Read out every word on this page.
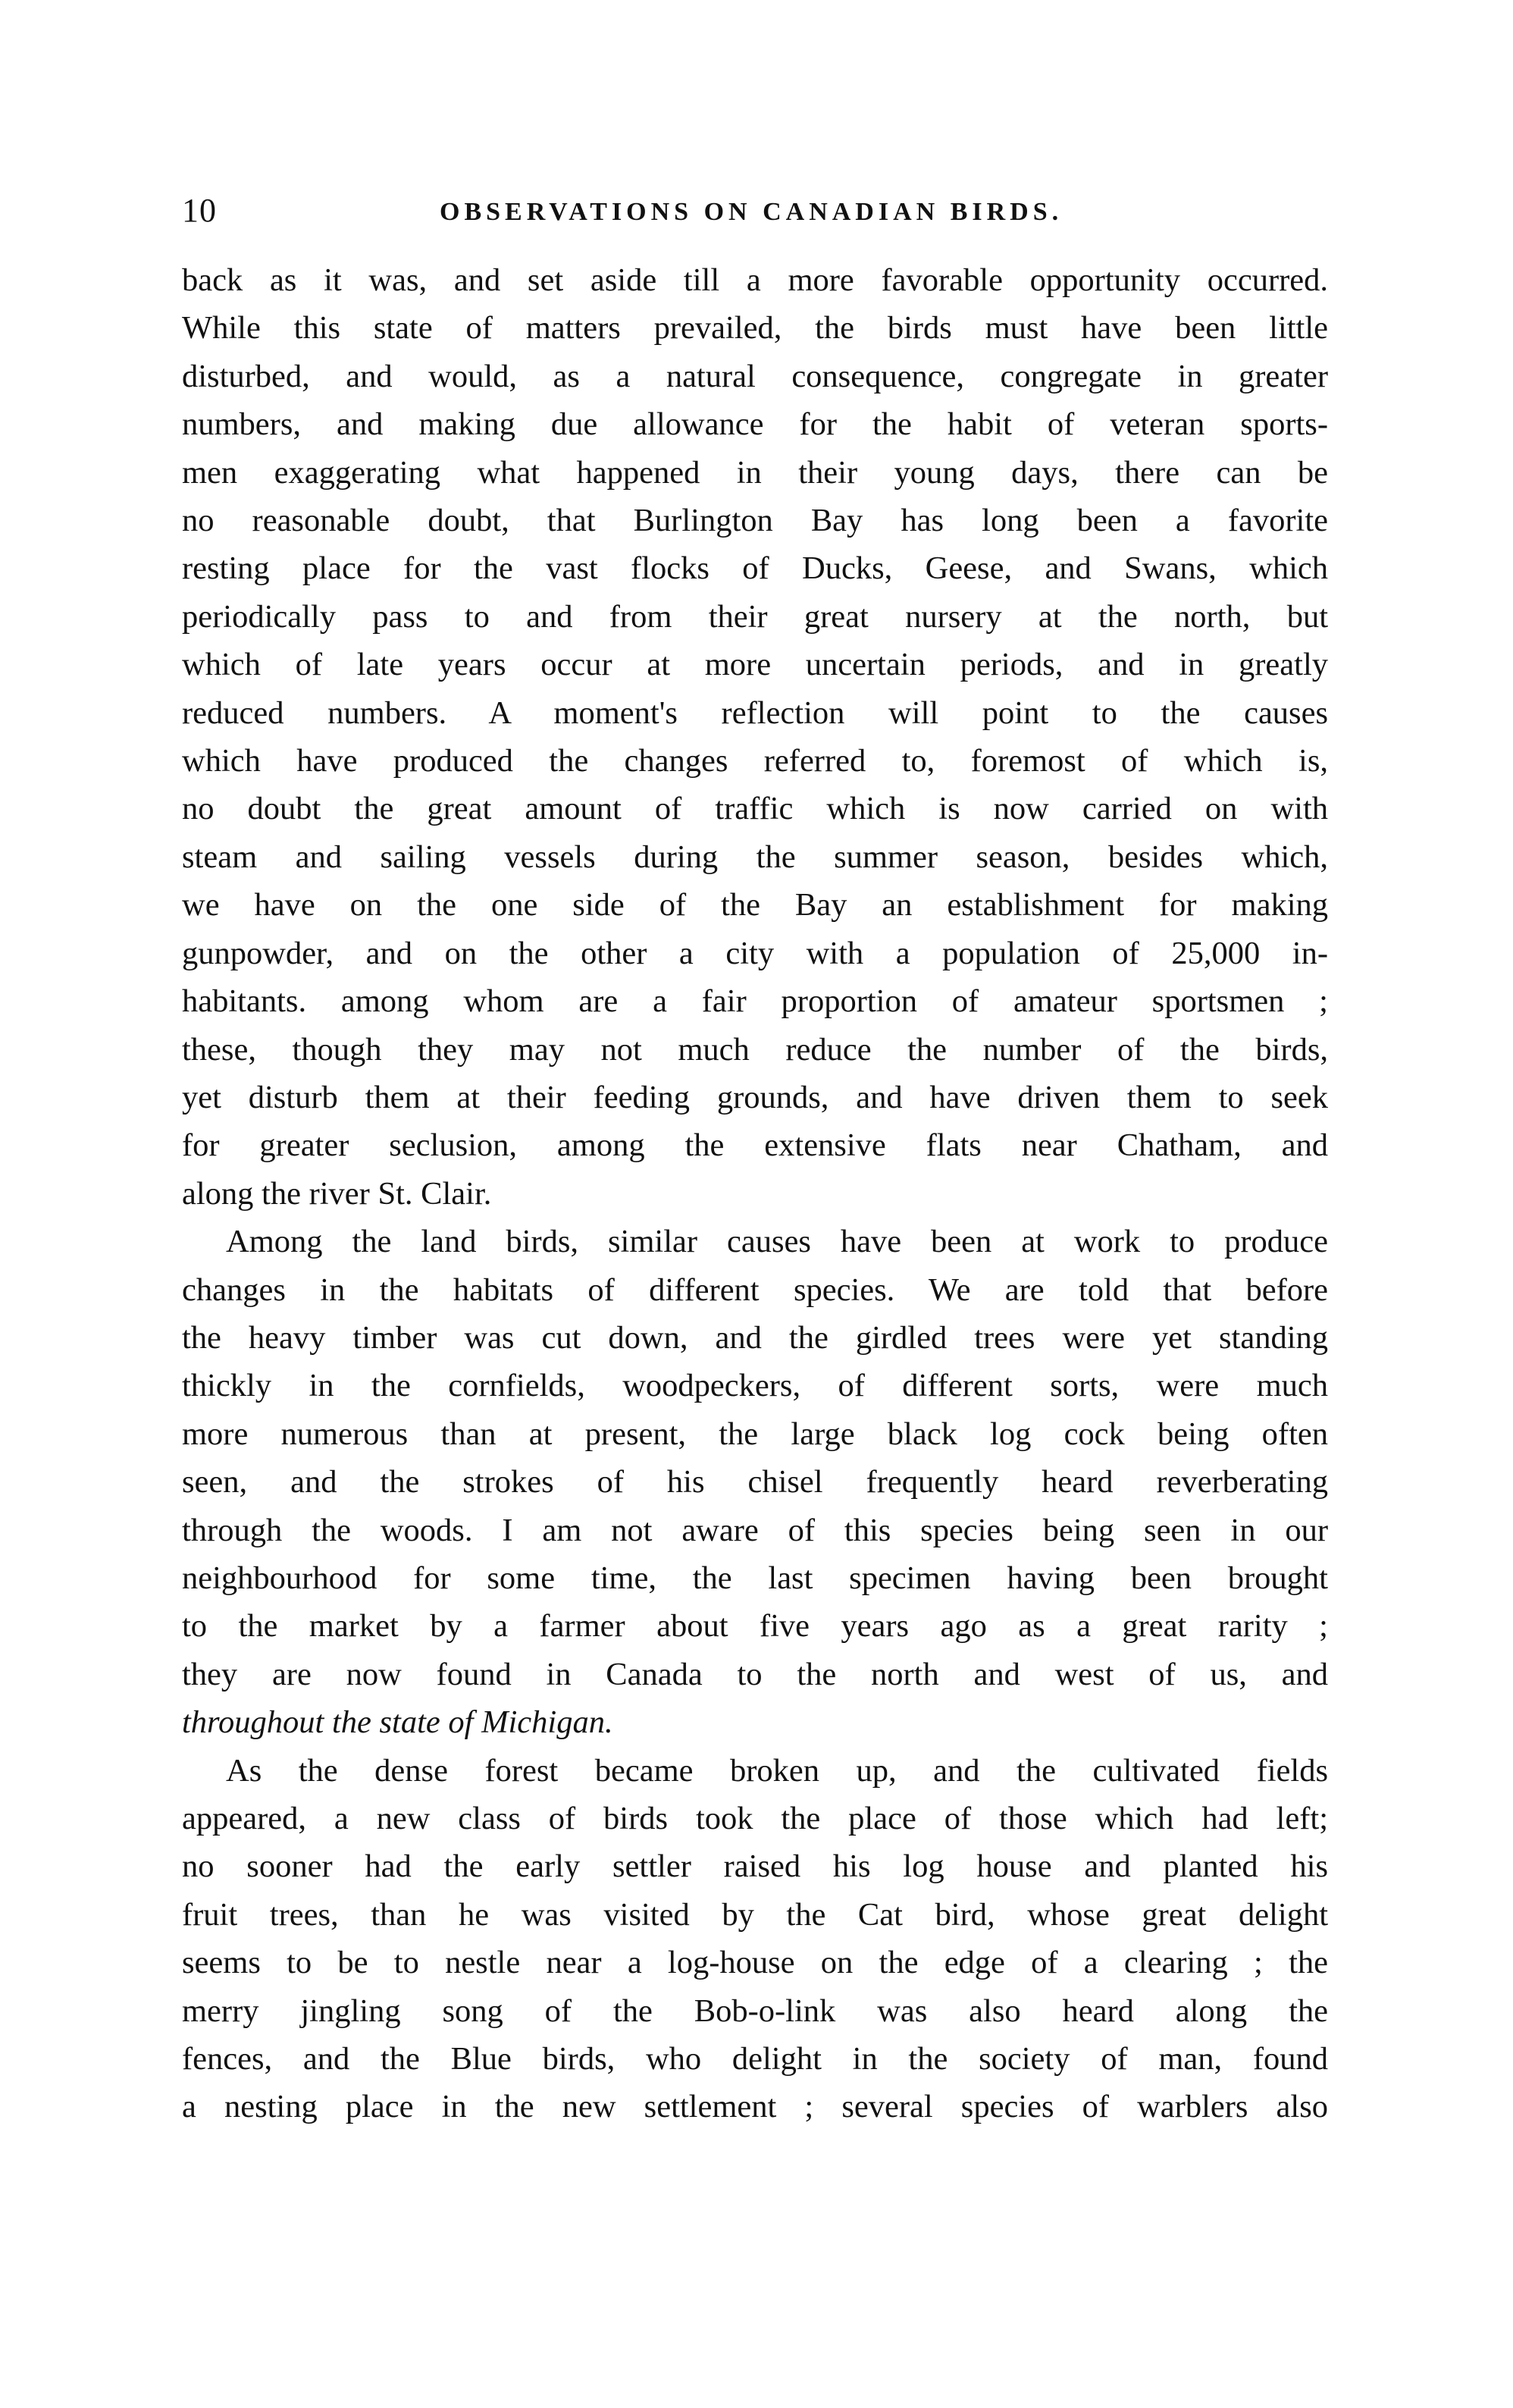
10	OBSERVATIONS ON CANADIAN BIRDS.
back as it was, and set aside till a more favorable opportunity occurred.
While this state of matters prevailed, the birds must have been little
disturbed, and would, as a natural consequence, congregate in greater
numbers, and making due allowance for the habit of veteran sports-
men exaggerating what happened in their young days, there can be
no reasonable doubt, that Burlington Bay has long been a favorite
resting place for the vast flocks of Ducks, Geese, and Swans, which
periodically pass to and from their great nursery at the north, but
which of late years occur at more uncertain periods, and in greatly
reduced numbers. A moment's reflection will point to the causes
which have produced the changes referred to, foremost of which is,
no doubt the great amount of traffic which is now carried on with
steam and sailing vessels during the summer season, besides which,
we have on the one side of the Bay an establishment for making
gunpowder, and on the other a city with a population of 25,000 in-
habitants. among whom are a fair proportion of amateur sportsmen ;
these, though they may not much reduce the number of the birds,
yet disturb them at their feeding grounds, and have driven them to seek
for greater seclusion, among the extensive flats near Chatham, and
along the river St. Clair.
Among the land birds, similar causes have been at work to produce
changes in the habitats of different species. We are told that before
the heavy timber was cut down, and the girdled trees were yet standing
thickly in the cornfields, woodpeckers, of different sorts, were much
more numerous than at present, the large black log cock being often
seen, and the strokes of his chisel frequently heard reverberating
through the woods. I am not aware of this species being seen in our
neighbourhood for some time, the last specimen having been brought
to the market by a farmer about five years ago as a great rarity ;
they are now found in Canada to the north and west of us, and
throughout the state of Michigan.
As the dense forest became broken up, and the cultivated fields
appeared, a new class of birds took the place of those which had left;
no sooner had the early settler raised his log house and planted his
fruit trees, than he was visited by the Cat bird, whose great delight
seems to be to nestle near a log-house on the edge of a clearing ; the
merry jingling song of the Bob-o-link was also heard along the
fences, and the Blue birds, who delight in the society of man, found
a nesting place in the new settlement ; several species of warblers also
